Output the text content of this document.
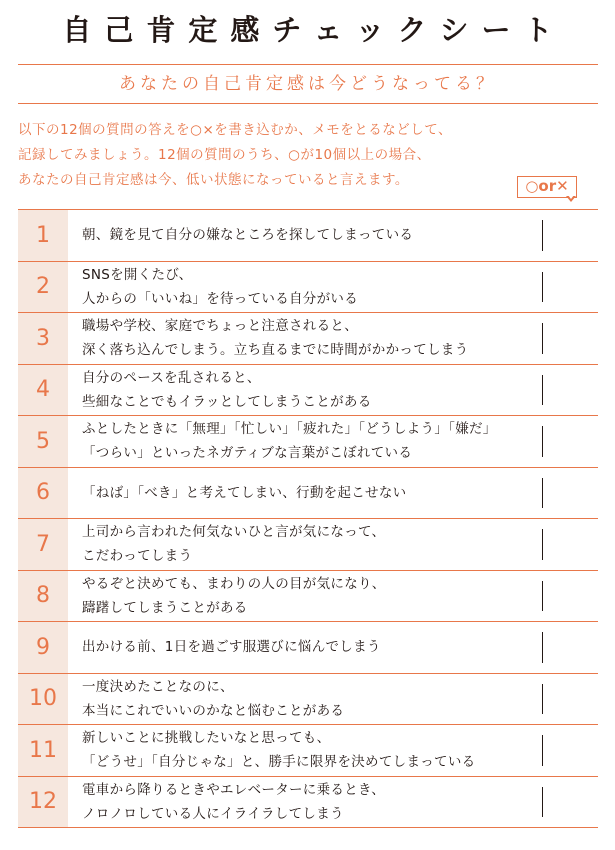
自己肯定感チェックシート
あなたの自己肯定感は今どうなってる？
以下の12個の質問の答えを○×を書き込むか、メモをとるなどして、
記録してみましょう。12個の質問のうち、○が10個以上の場合、
あなたの自己肯定感は今、低い状態になっていると言えます。	○or✕
1	朝、鏡を見て自分の嫌なところを探してしまっている
2	SNSを開くたび、
人からの「いいね」を待っている自分がいる
3	職場や学校、家庭でちょっと注意されると、
深く落ち込んでしまう。立ち直るまでに時間がかかってしまう
4	自分のペースを乱されると、
些細なことでもイラッとしてしまうことがある
5	ふとしたときに「無理」「忙しい」「疲れた」「どうしよう」「嫌だ」
「つらい」といったネガティブな言葉がこぼれている
6	「ねば」「べき」と考えてしまい、行動を起こせない
7	上司から言われた何気ないひと言が気になって、
こだわってしまう
8	やるぞと決めても、まわりの人の目が気になり、
躊躇してしまうことがある
9	出かける前、1日を過ごす服選びに悩んでしまう
10	一度決めたことなのに、
本当にこれでいいのかなと悩むことがある
11	新しいことに挑戦したいなと思っても、
「どうせ」「自分じゃな」と、勝手に限界を決めてしまっている
12	電車から降りるときやエレベーターに乗るとき、
ノロノロしている人にイライラしてしまう
